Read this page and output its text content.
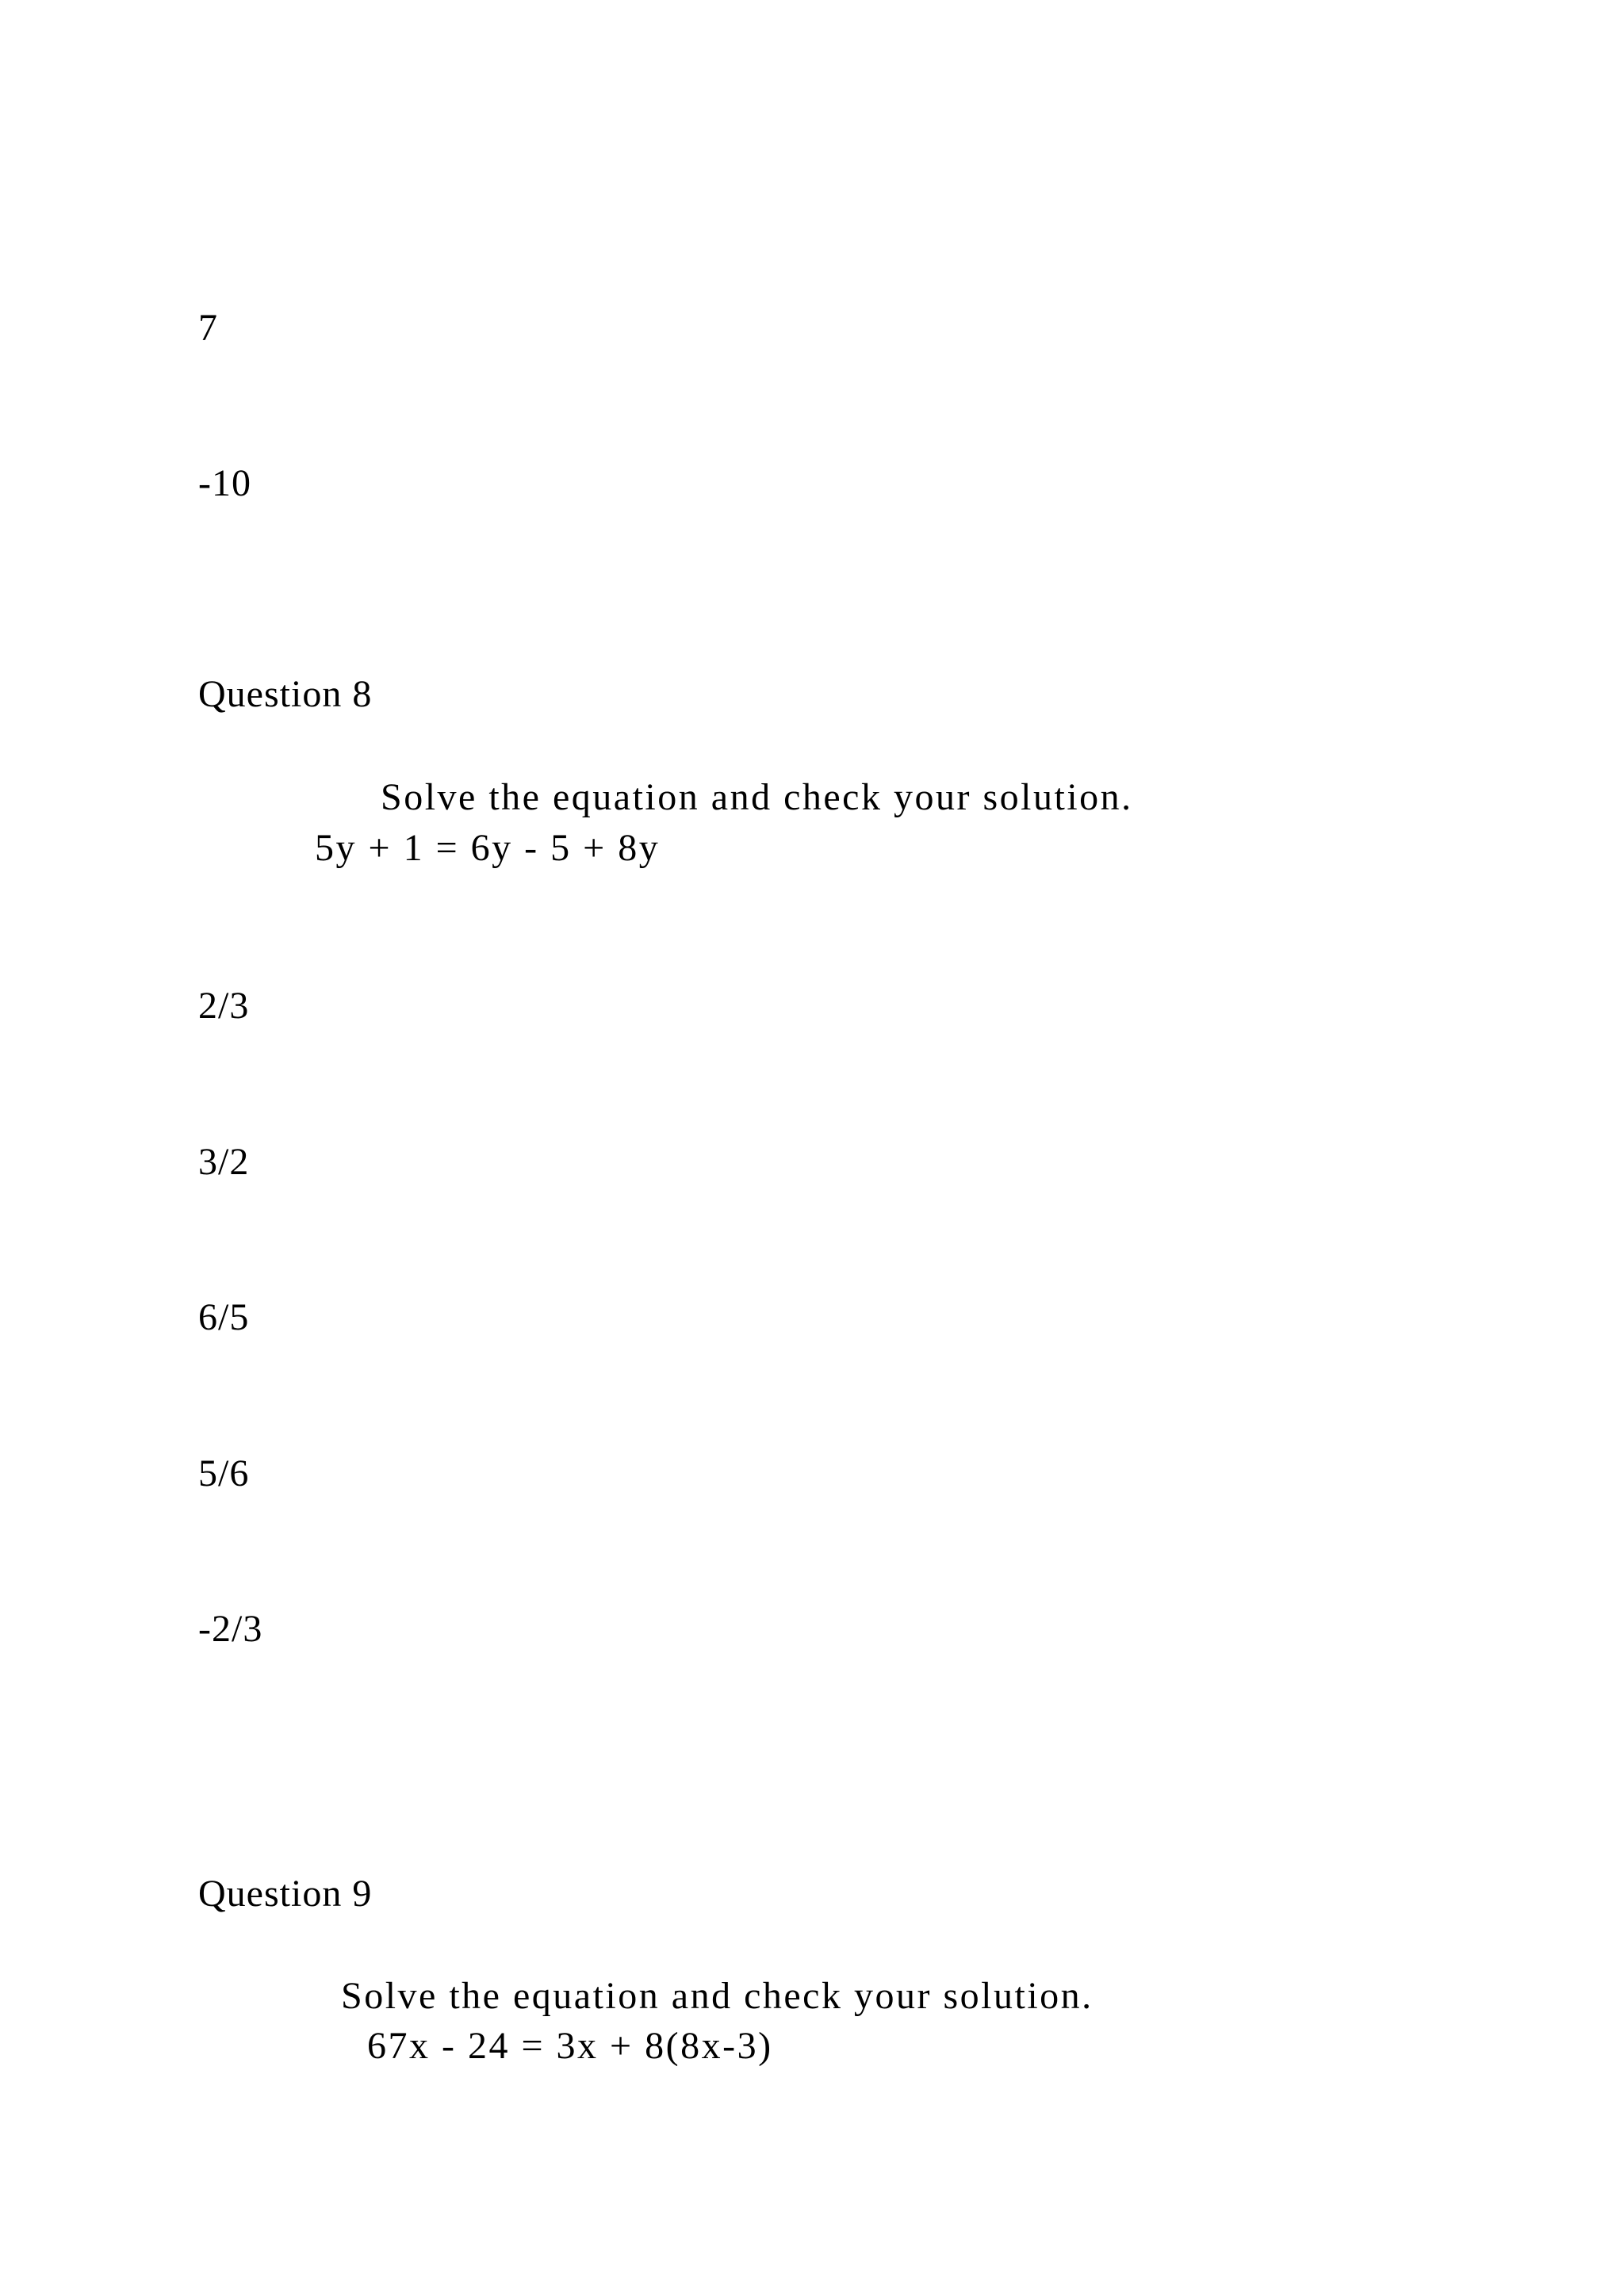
7
-10
Question 8
Solve the equation and check your solution.
5y + 1 = 6y - 5 + 8y
2/3
3/2
6/5
5/6
-2/3
Question 9
Solve the equation and check your solution.
67x - 24 = 3x + 8(8x-3)
